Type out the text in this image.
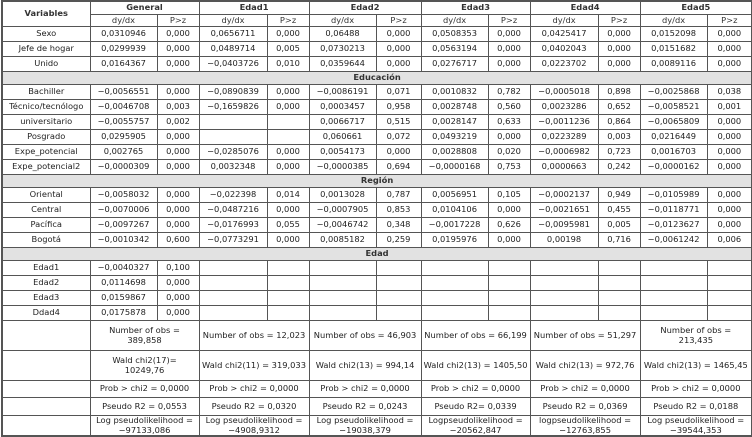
Variables	General		Edad1		Edad2		Edad3		Edad4		Edad5	
	dy/dx	P>z	dy/dx	P>z	dy/dx	P>z	dy/dx	P>z	dy/dx	P>z	dy/dx	P>z
Sexo	0,0310946	0,000	0,0656711	0,000	0,06488	0,000	0,0508353	0,000	0,0425417	0,000	0,0152098	0,000
Jefe de hogar	0,0299939	0,000	0,0489714	0,005	0,0730213	0,000	0,0563194	0,000	0,0402043	0,000	0,0151682	0,000
Unido	0,0164367	0,000	−0,0403726	0,010	0,0359644	0,000	0,0276717	0,000	0,0223702	0,000	0,0089116	0,000
Educación												
Bachiller	−0,0056551	0,000	−0,0890839	0,000	−0,0086191	0,071	0,0010832	0,782	−0,0005018	0,898	−0,0025868	0,038
Técnico/tecnólogo	−0,0046708	0,003	−0,1659826	0,000	0,0003457	0,958	0,0028748	0,560	0,0023286	0,652	−0,0058521	0,001
universitario	−0,0055757	0,002			0,0066717	0,515	0,0028147	0,633	−0,0011236	0,864	−0,0065809	0,000
Posgrado	0,0295905	0,000			0,060661	0,072	0,0493219	0,000	0,0223289	0,003	0,0216449	0,000
Expe_potencial	0,002765	0,000	−0,0285076	0,000	0,0054173	0,000	0,0028808	0,020	−0,0006982	0,723	0,0016703	0,000
Expe_potencial2	−0,0000309	0,000	0,0032348	0,000	−0,0000385	0,694	−0,0000168	0,753	0,0000663	0,242	−0,0000162	0,000
Región												
Oriental	−0,0058032	0,000	−0,022398	0,014	0,0013028	0,787	0,0056951	0,105	−0,0002137	0,949	−0,0105989	0,000
Central	−0,0070006	0,000	−0,0487216	0,000	−0,0007905	0,853	0,0104106	0,000	−0,0021651	0,455	−0,0118771	0,000
Pacífica	−0,0097267	0,000	−0,0176993	0,055	−0,0046742	0,348	−0,0017228	0,626	−0,0095981	0,005	−0,0123627	0,000
Bogotá	−0,0010342	0,600	−0,0773291	0,000	0,0085182	0,259	0,0195976	0,000	0,00198	0,716	−0,0061242	0,006
Edad												
Edad1	−0,0040327	0,100										
Edad2	0,0114698	0,000										
Edad3	0,0159867	0,000										
Ddad4	0,0175878	0,000										
	Number of obs = 389,858		Number of obs = 12,023		Number of obs = 46,903		Number of obs = 66,199		Number of obs = 51,297		Number of obs = 213,435	
	Wald chi2(17)= 10249,76		Wald chi2(11) = 319,033		Wald chi2(13) = 994,14		Wald chi2(13) = 1405,50		Wald chi2(13) = 972,76		Wald chi2(13) = 1465,45	
	Prob > chi2 = 0,0000		Prob > chi2 = 0,0000		Prob > chi2 = 0,0000		Prob > chi2 = 0,0000		Prob > chi2 = 0,0000		Prob > chi2 = 0,0000	
	Pseudo R2 = 0,0553		Pseudo R2 = 0,0320		Pseudo R2 = 0,0243		Pseudo R2= 0,0339		Pseudo R2 = 0,0369		Pseudo R2 = 0,0188	
	Log pseudolikelihood = −97133,086		Log pseudolikelihood = −4908,9312		Log pseudolikelihood = −19038,379		Logpseudolikelihood = −20562,847		logpseudolikelihood = −12763,855		Log pseudolikelihood = −39544,353	
